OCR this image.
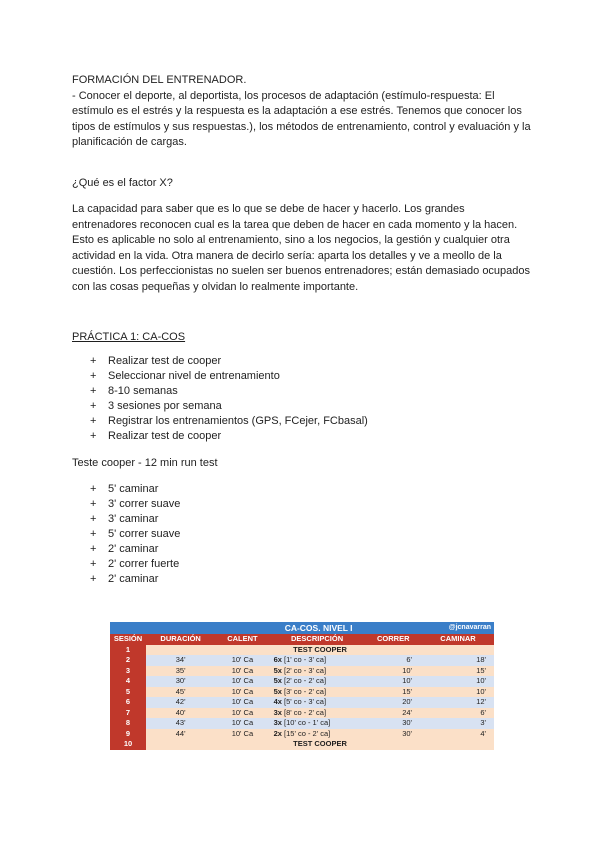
FORMACIÓN DEL ENTRENADOR.
- Conocer el deporte, al deportista, los procesos de adaptación (estímulo-respuesta: El estímulo es el estrés y la respuesta es la adaptación a ese estrés. Tenemos que conocer los tipos de estímulos y sus respuestas.), los métodos de entrenamiento, control y evaluación y la planificación de cargas.
¿Qué es el factor X?
La capacidad para saber que es lo que se debe de hacer y hacerlo. Los grandes entrenadores reconocen cual es la tarea que deben de hacer en cada momento y la hacen. Esto es aplicable no solo al entrenamiento, sino a los negocios, la gestión y cualquier otra actividad en la vida. Otra manera de decirlo sería: aparta los detalles y ve a meollo de la cuestión. Los perfeccionistas no suelen ser buenos entrenadores; están demasiado ocupados con las cosas pequeñas y olvidan lo realmente importante.
PRÁCTICA 1: CA-COS
+	Realizar test de cooper
+	Seleccionar nivel de entrenamiento
+	8-10 semanas
+	3 sesiones por semana
+	Registrar los entrenamientos (GPS, FCejer, FCbasal)
+	Realizar test de cooper
Teste cooper - 12 min run test
+	5' caminar
+	3' correr suave
+	3' caminar
+	5' correr suave
+	2' caminar
+	2' correr fuerte
+	2' caminar
		CA-COS. NIVEL I			@jcnavarran
SESIÓN	DURACIÓN	CALENT	DESCRIPCIÓN	CORRER	CAMINAR
1	TEST COOPER				
2	34'	10' Ca	6x [1' co - 3' ca]	6'	18'
3	35'	10' Ca	5x [2' co - 3' ca]	10'	15'
4	30'	10' Ca	5x [2' co - 2' ca]	10'	10'
5	45'	10' Ca	5x [3' co - 2' ca]	15'	10'
6	42'	10' Ca	4x [5' co - 3' ca]	20'	12'
7	40'	10' Ca	3x [8' co - 2' ca]	24'	6'
8	43'	10' Ca	3x [10' co - 1' ca]	30'	3'
9	44'	10' Ca	2x [15' co - 2' ca]	30'	4'
10	TEST COOPER				
